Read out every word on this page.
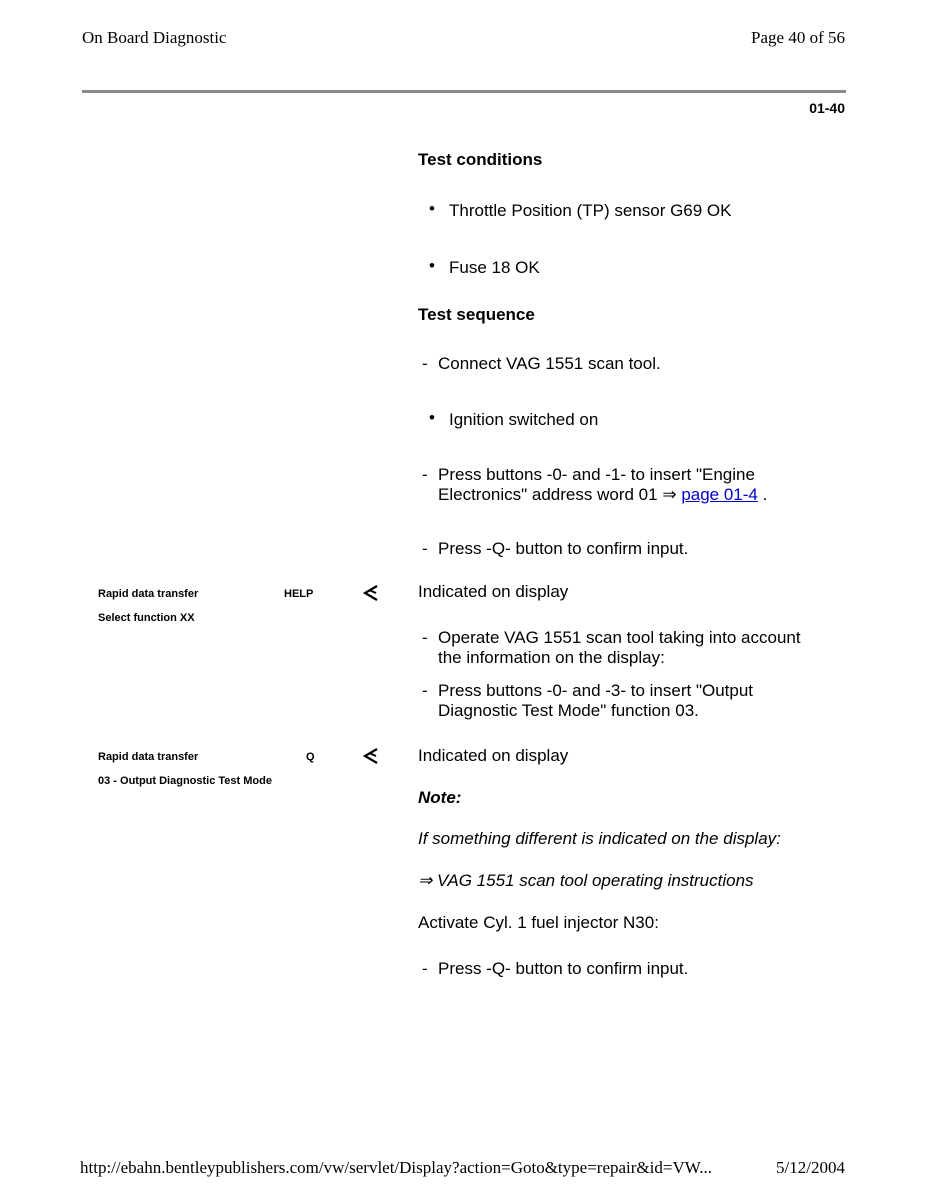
On Board Diagnostic	Page 40 of 56
01-40
Test conditions
• Throttle Position (TP) sensor G69 OK
• Fuse 18 OK
Test sequence
- Connect VAG 1551 scan tool.
• Ignition switched on
- Press buttons -0- and -1- to insert "Engine
Electronics" address word 01 ⇒ page 01-4 .
- Press -Q- button to confirm input.
Rapid data transfer	HELP
Select function XX
Indicated on display
- Operate VAG 1551 scan tool taking into account
the information on the display:
- Press buttons -0- and -3- to insert "Output
Diagnostic Test Mode" function 03.
Rapid data transfer	Q
03 - Output Diagnostic Test Mode
Indicated on display
Note:
If something different is indicated on the display:
⇒ VAG 1551 scan tool operating instructions
Activate Cyl. 1 fuel injector N30:
- Press -Q- button to confirm input.
http://ebahn.bentleypublishers.com/vw/servlet/Display?action=Goto&type=repair&id=VW...	5/12/2004
